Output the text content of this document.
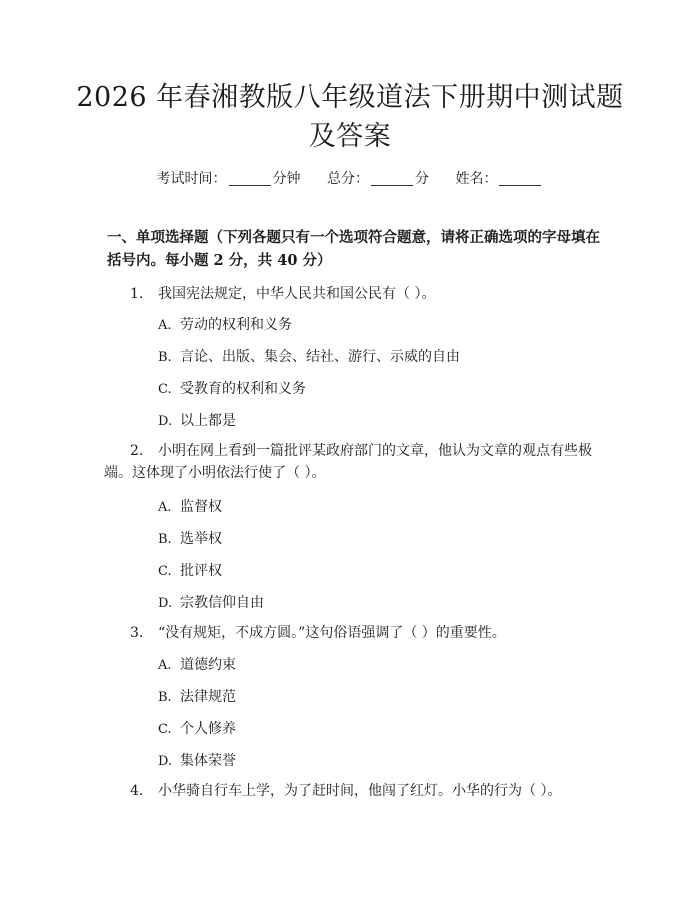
2026 年春湘教版八年级道法下册期中测试题
及答案
考试时间：	分钟 总分：	分 姓名：
一、单项选择题（下列各题只有一个选项符合题意，请将正确选项的字母填在括号内。每小题 2 分，共 40 分）
1. 我国宪法规定，中华人民共和国公民有（ ）。
A. 劳动的权利和义务
B. 言论、出版、集会、结社、游行、示威的自由
C. 受教育的权利和义务
D. 以上都是
2. 小明在网上看到一篇批评某政府部门的文章，他认为文章的观点有些极
端。这体现了小明依法行使了（ ）。
A. 监督权
B. 选举权
C. 批评权
D. 宗教信仰自由
3. “没有规矩，不成方圆。”这句俗语强调了（ ）的重要性。
A. 道德约束
B. 法律规范
C. 个人修养
D. 集体荣誉
4. 小华骑自行车上学，为了赶时间，他闯了红灯。小华的行为（ ）。
